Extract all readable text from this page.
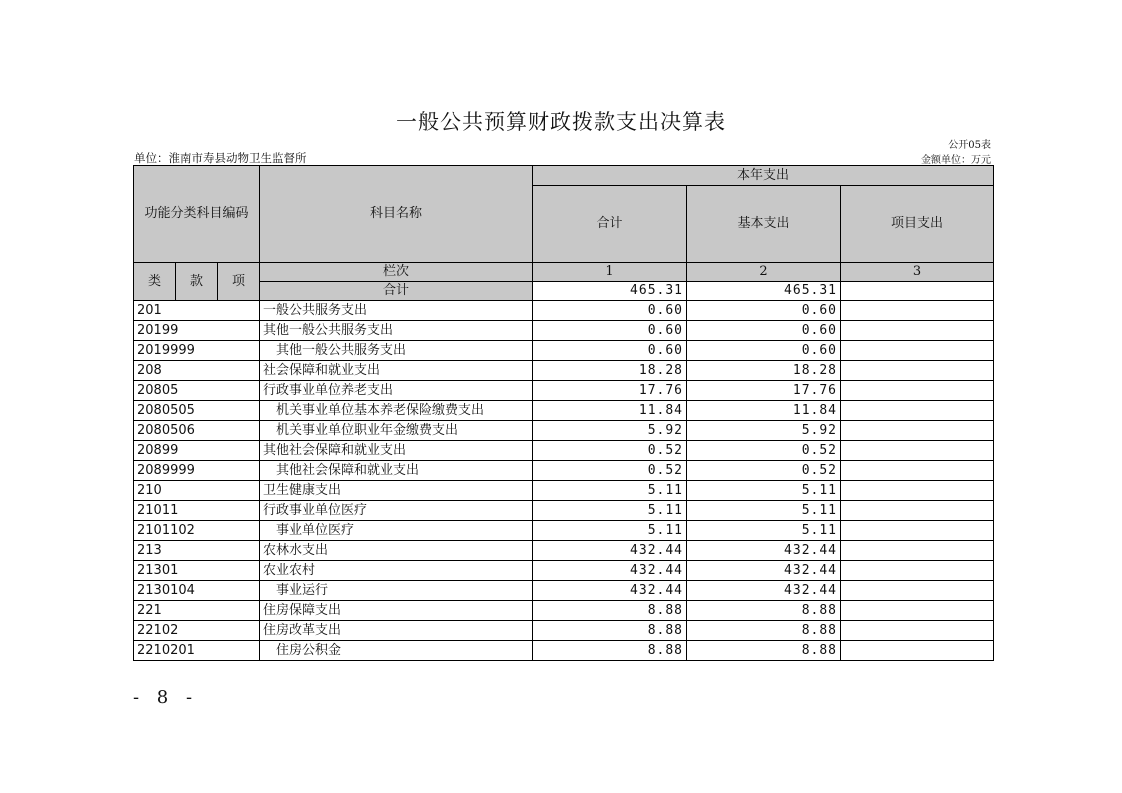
一般公共预算财政拨款支出决算表
公开05表
单位：淮南市寿县动物卫生监督所	金额单位：万元
功能分类科目编码			科目名称	本年支出		
				合计	基本支出	项目支出
类	款	项	栏次	1	2	3
			合计	465.31	465.31	
201			一般公共服务支出	0.60	0.60	
20199			其他一般公共服务支出	0.60	0.60	
2019999			其他一般公共服务支出	0.60	0.60	
208			社会保障和就业支出	18.28	18.28	
20805			行政事业单位养老支出	17.76	17.76	
2080505			机关事业单位基本养老保险缴费支出	11.84	11.84	
2080506			机关事业单位职业年金缴费支出	5.92	5.92	
20899			其他社会保障和就业支出	0.52	0.52	
2089999			其他社会保障和就业支出	0.52	0.52	
210			卫生健康支出	5.11	5.11	
21011			行政事业单位医疗	5.11	5.11	
2101102			事业单位医疗	5.11	5.11	
213			农林水支出	432.44	432.44	
21301			农业农村	432.44	432.44	
2130104			事业运行	432.44	432.44	
221			住房保障支出	8.88	8.88	
22102			住房改革支出	8.88	8.88	
2210201			住房公积金	8.88	8.88	
- 8 -
